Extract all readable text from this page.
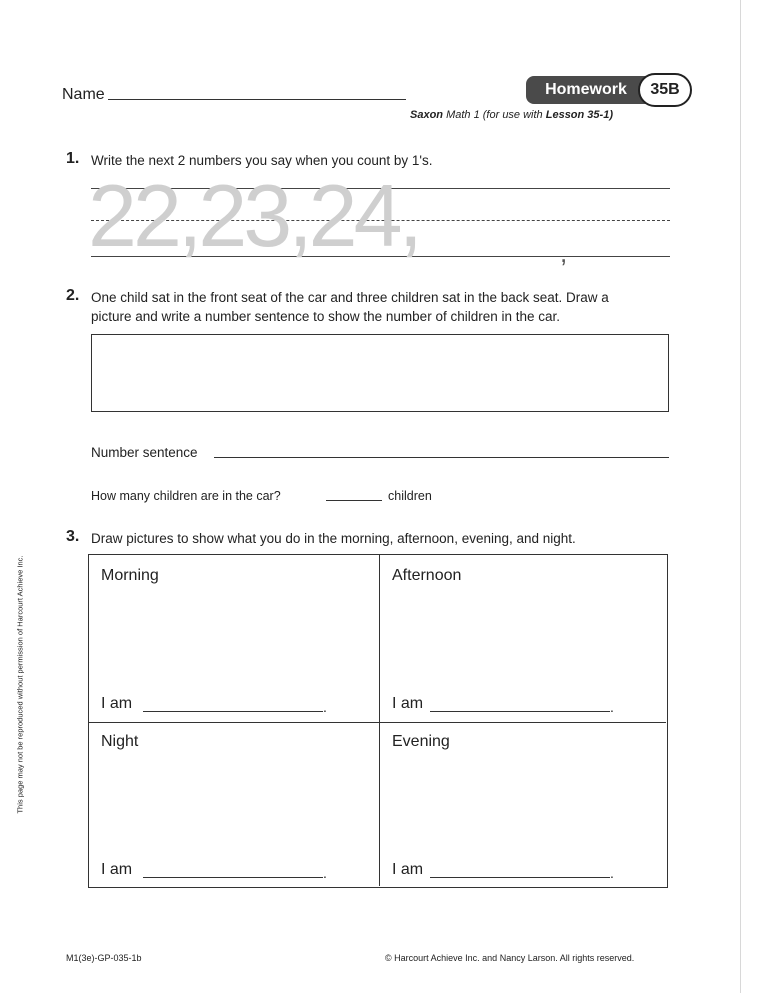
Name	Homework	35B
Saxon Math 1 (for use with Lesson 35-1)
1. Write the next 2 numbers you say when you count by 1's.
22,23,24,	,
2. One child sat in the front seat of the car and three children sat in the back seat. Draw a
picture and write a number sentence to show the number of children in the car.
Number sentence
How many children are in the car?	children
3. Draw pictures to show what you do in the morning, afternoon, evening, and night.
Morning
I am	.
Afternoon
I am	.
Night
I am	.
Evening
I am	.
This page may not be reproduced without permission of Harcourt Achieve Inc.
M1(3e)-GP-035-1b	© Harcourt Achieve Inc. and Nancy Larson. All rights reserved.
